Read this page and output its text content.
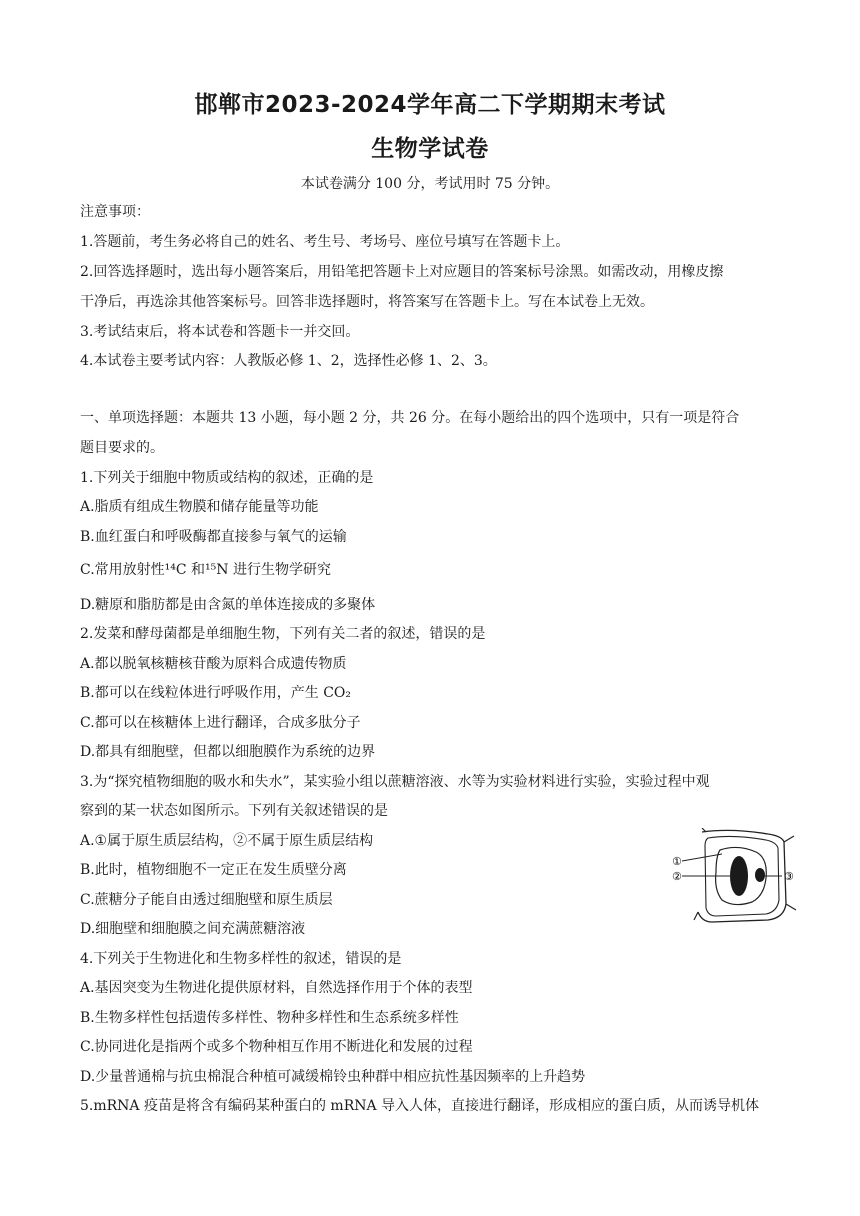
邯郸市2023-2024学年高二下学期期末考试
生物学试卷
本试卷满分 100 分，考试用时 75 分钟。
注意事项：
1.答题前，考生务必将自己的姓名、考生号、考场号、座位号填写在答题卡上。
2.回答选择题时，选出每小题答案后，用铅笔把答题卡上对应题目的答案标号涂黑。如需改动，用橡皮擦
干净后，再选涂其他答案标号。回答非选择题时，将答案写在答题卡上。写在本试卷上无效。
3.考试结束后，将本试卷和答题卡一并交回。
4.本试卷主要考试内容：人教版必修 1、2，选择性必修 1、2、3。
一、单项选择题：本题共 13 小题，每小题 2 分，共 26 分。在每小题给出的四个选项中，只有一项是符合
题目要求的。
1.下列关于细胞中物质或结构的叙述，正确的是
A.脂质有组成生物膜和储存能量等功能
B.血红蛋白和呼吸酶都直接参与氧气的运输
C.常用放射性¹⁴C 和¹⁵N 进行生物学研究
D.糖原和脂肪都是由含氮的单体连接成的多聚体
2.发菜和酵母菌都是单细胞生物，下列有关二者的叙述，错误的是
A.都以脱氧核糖核苷酸为原料合成遗传物质
B.都可以在线粒体进行呼吸作用，产生 CO₂
C.都可以在核糖体上进行翻译，合成多肽分子
D.都具有细胞壁，但都以细胞膜作为系统的边界
3.为“探究植物细胞的吸水和失水”，某实验小组以蔗糖溶液、水等为实验材料进行实验，实验过程中观
察到的某一状态如图所示。下列有关叙述错误的是
A.①属于原生质层结构，②不属于原生质层结构
B.此时，植物细胞不一定正在发生质壁分离
C.蔗糖分子能自由透过细胞壁和原生质层
D.细胞壁和细胞膜之间充满蔗糖溶液
①
②	③
4.下列关于生物进化和生物多样性的叙述，错误的是
A.基因突变为生物进化提供原材料，自然选择作用于个体的表型
B.生物多样性包括遗传多样性、物种多样性和生态系统多样性
C.协同进化是指两个或多个物种相互作用不断进化和发展的过程
D.少量普通棉与抗虫棉混合种植可减缓棉铃虫种群中相应抗性基因频率的上升趋势
5.mRNA 疫苗是将含有编码某种蛋白的 mRNA 导入人体，直接进行翻译，形成相应的蛋白质，从而诱导机体
